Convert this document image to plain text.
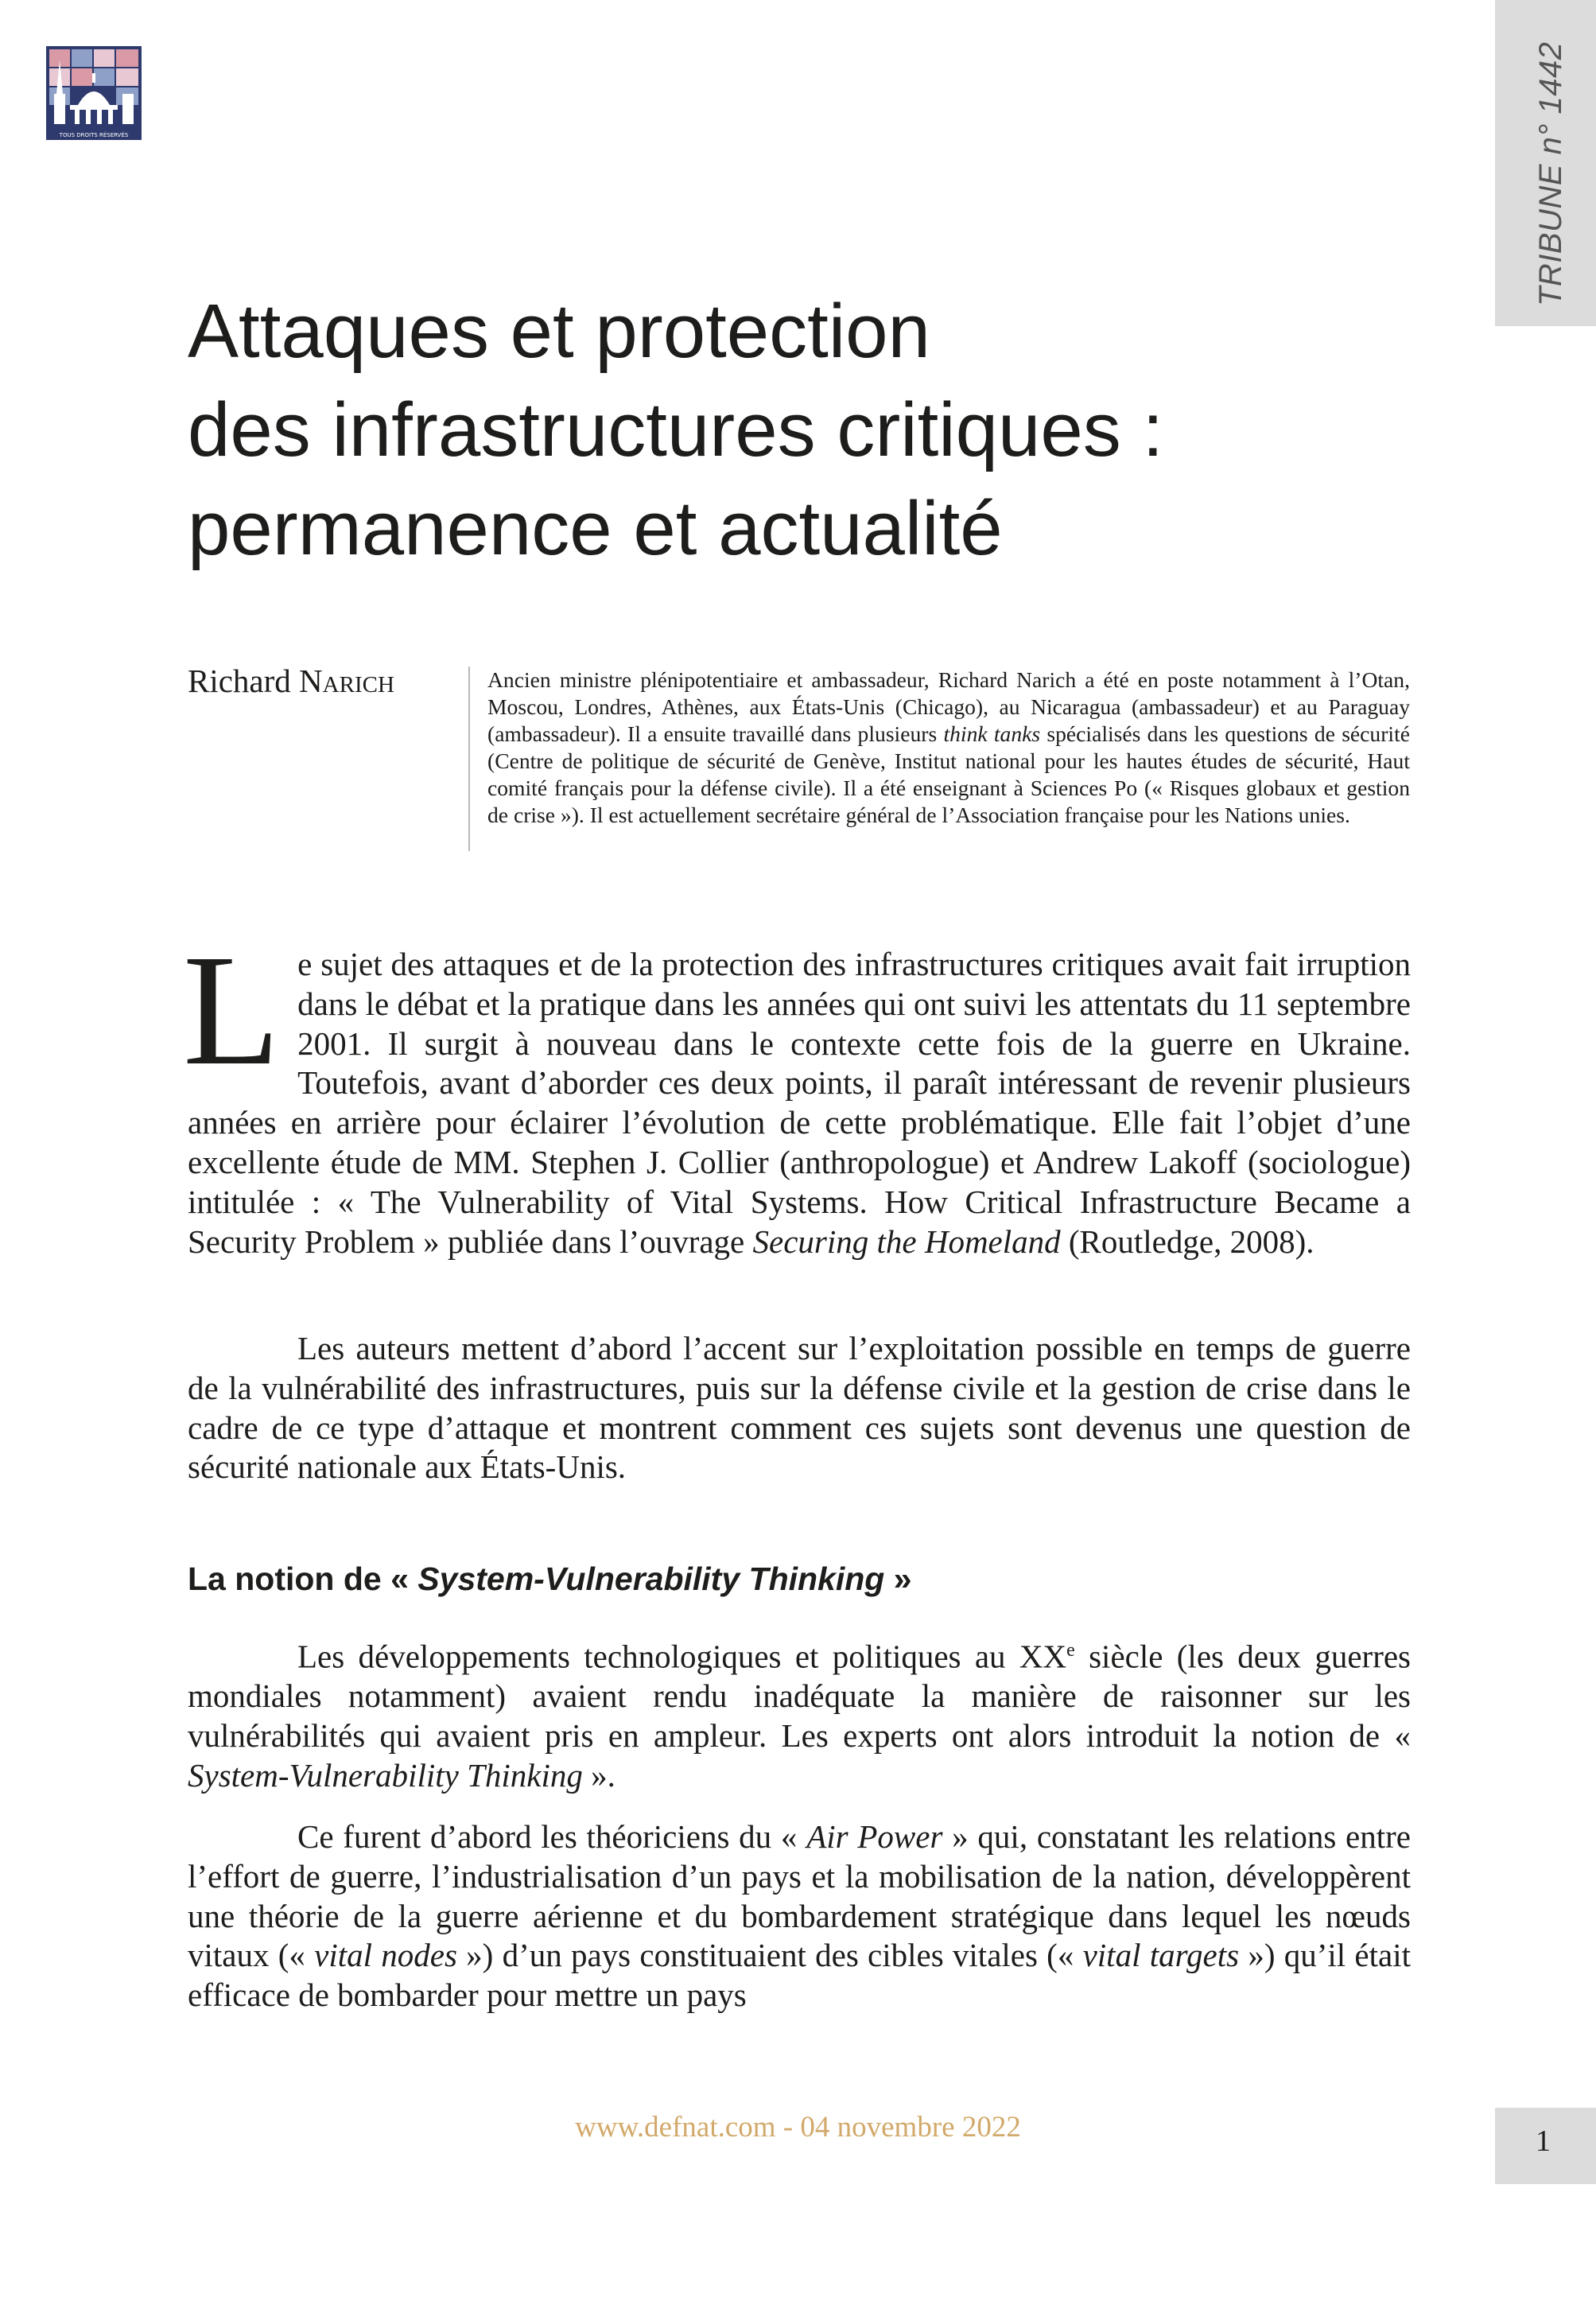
TOUS DROITS RÉSERVÉS	TRIBUNE n° 1442
1
Attaques et protection
des infrastructures critiques :
permanence et actualité
Richard Narich	Ancien ministre plénipotentiaire et ambassadeur, Richard Narich a été en poste notamment à l’Otan, Moscou, Londres, Athènes, aux États-Unis (Chicago), au Nicaragua (ambassadeur) et au Paraguay (ambassadeur). Il a ensuite travaillé dans plusieurs think tanks spécialisés dans les questions de sécurité (Centre de politique de sécurité de Genève, Institut national pour les hautes études de sécurité, Haut comité français pour la défense civile). Il a été enseignant à Sciences Po (« Risques globaux et gestion de crise »). Il est actuellement secrétaire général de l’Association française pour les Nations unies.

Le sujet des attaques et de la protection des infrastructures critiques avait fait irruption dans le débat et la pratique dans les années qui ont suivi les attentats du 11 septembre 2001. Il surgit à nouveau dans le contexte cette fois de la guerre en Ukraine. Toutefois, avant d’aborder ces deux points, il paraît intéressant de revenir plusieurs années en arrière pour éclairer l’évolution de cette problématique. Elle fait l’objet d’une excellente étude de MM. Stephen J. Collier (anthropologue) et Andrew Lakoff (sociologue) intitulée : « The Vulnerability of Vital Systems. How Critical Infrastructure Became a Security Problem » publiée dans l’ouvrage Securing the Homeland (Routledge, 2008).

Les auteurs mettent d’abord l’accent sur l’exploitation possible en temps de guerre de la vulnérabilité des infrastructures, puis sur la défense civile et la gestion de crise dans le cadre de ce type d’attaque et montrent comment ces sujets sont devenus une question de sécurité nationale aux États-Unis.

La notion de « System-Vulnerability Thinking »

Les développements technologiques et politiques au XXe siècle (les deux guerres mondiales notamment) avaient rendu inadéquate la manière de raisonner sur les vulnérabilités qui avaient pris en ampleur. Les experts ont alors introduit la notion de « System-Vulnerability Thinking ».

Ce furent d’abord les théoriciens du « Air Power » qui, constatant les relations entre l’effort de guerre, l’industrialisation d’un pays et la mobilisation de la nation, développèrent une théorie de la guerre aérienne et du bombardement stratégique dans lequel les nœuds vitaux (« vital nodes ») d’un pays constituaient des cibles vitales (« vital targets ») qu’il était efficace de bombarder pour mettre un pays

www.defnat.com - 04 novembre 2022
